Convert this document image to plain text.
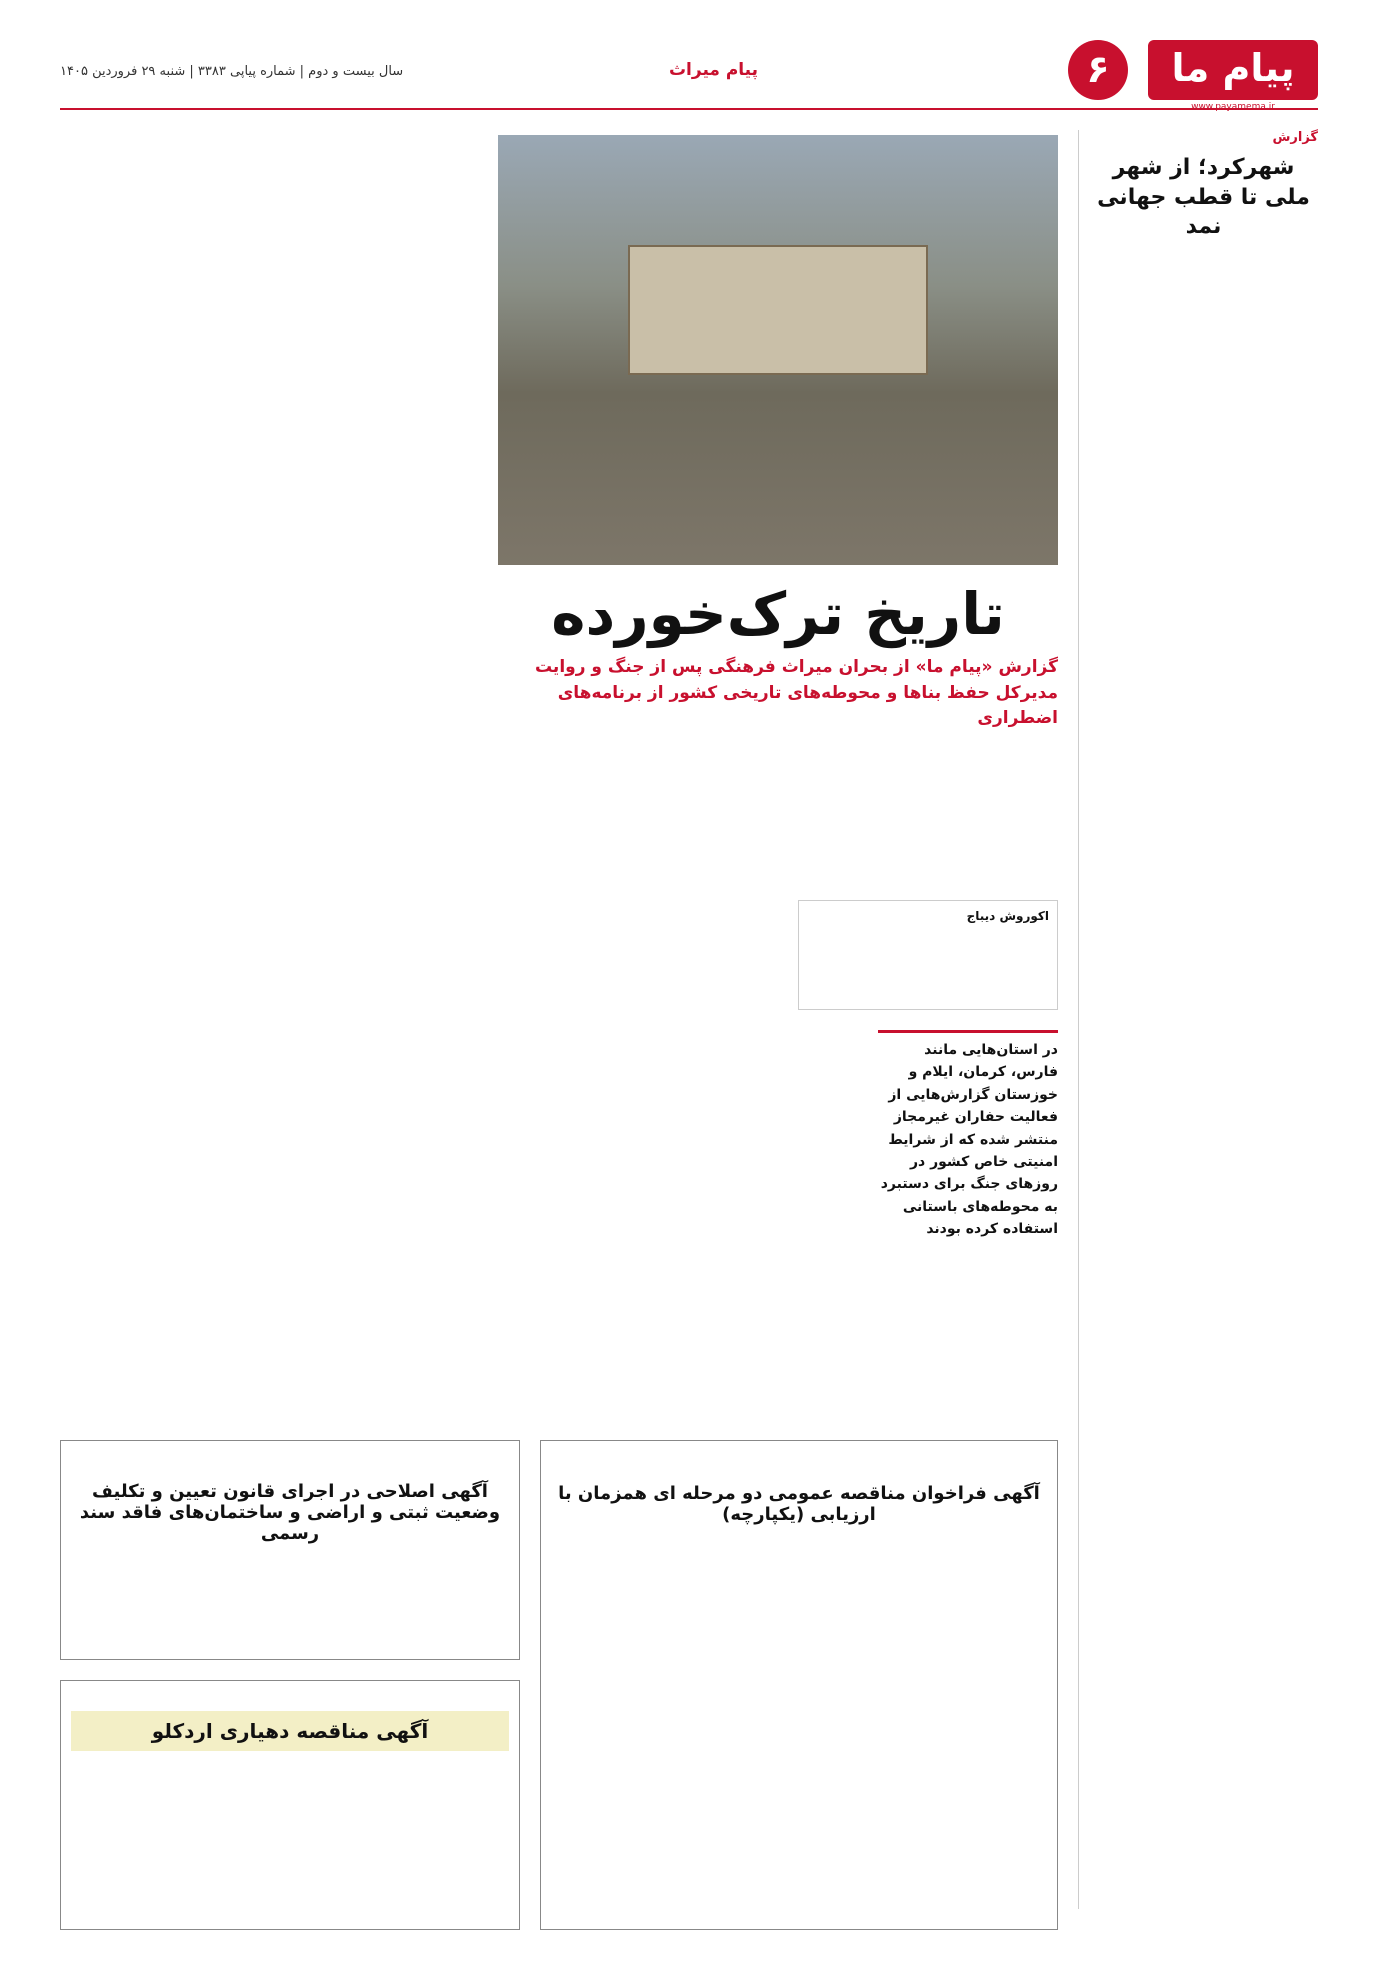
پیام ما
www.payamema.ir
۶
پیام میراث
سال بیست و دوم | شماره پیاپی ۳۳۸۳ | شنبه ۲۹ فروردین ۱۴۰۵
گزارش
شهرکرد؛ از شهر ملی تا قطب جهانی نمد
تاریخ ترک‌خورده
گزارش «پیام ما» از بحران میراث فرهنگی پس از جنگ و روایت مدیرکل حفظ بناها و محوطه‌های تاریخی کشور از برنامه‌های اضطراری
اکوروش دیباج
در استان‌هایی مانند فارس، کرمان، ایلام و خوزستان گزارش‌هایی از فعالیت حفاران غیرمجاز منتشر شده که از شرایط امنیتی خاص کشور در روزهای جنگ برای دستبرد به محوطه‌های باستانی استفاده کرده بودند
آگهی فراخوان مناقصه عمومی دو مرحله ای همزمان با ارزیابی (یکپارچه)
آگهی اصلاحی در اجرای قانون تعیین و تکلیف وضعیت ثبتی و اراضی و ساختمان‌های فاقد سند رسمی
آگهی مناقصه دهیاری اردکلو
